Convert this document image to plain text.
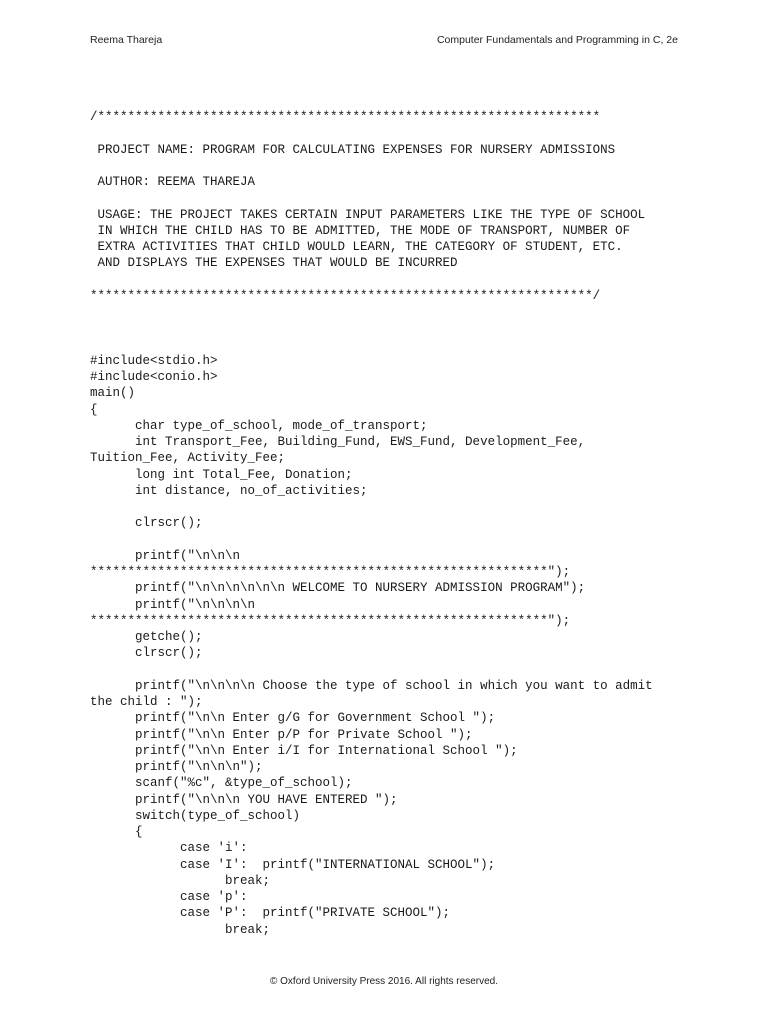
Reema Thareja	Computer Fundamentals and Programming in C, 2e
/*******************************************************************
PROJECT NAME: PROGRAM FOR CALCULATING EXPENSES FOR NURSERY ADMISSIONS
AUTHOR: REEMA THAREJA
USAGE: THE PROJECT TAKES CERTAIN INPUT PARAMETERS LIKE THE TYPE OF SCHOOL
IN WHICH THE CHILD HAS TO BE ADMITTED, THE MODE OF TRANSPORT, NUMBER OF
EXTRA ACTIVITIES THAT CHILD WOULD LEARN, THE CATEGORY OF STUDENT, ETC.
AND DISPLAYS THE EXPENSES THAT WOULD BE INCURRED
*******************************************************************/
#include<stdio.h>
#include<conio.h>
main()
{
char type_of_school, mode_of_transport;
int Transport_Fee, Building_Fund, EWS_Fund, Development_Fee,
Tuition_Fee, Activity_Fee;
long int Total_Fee, Donation;
int distance, no_of_activities;
clrscr();
printf("\n\n\n
*************************************************************");
printf("\n\n\n\n\n\n WELCOME TO NURSERY ADMISSION PROGRAM");
printf("\n\n\n\n
*************************************************************");
getche();
clrscr();
printf("\n\n\n\n Choose the type of school in which you want to admit
the child : ");
printf("\n\n Enter g/G for Government School ");
printf("\n\n Enter p/P for Private School ");
printf("\n\n Enter i/I for International School ");
printf("\n\n\n");
scanf("%c", &type_of_school);
printf("\n\n\n YOU HAVE ENTERED ");
switch(type_of_school)
{
case 'i':
case 'I':  printf("INTERNATIONAL SCHOOL");
break;
case 'p':
case 'P':  printf("PRIVATE SCHOOL");
break;
© Oxford University Press 2016. All rights reserved.
